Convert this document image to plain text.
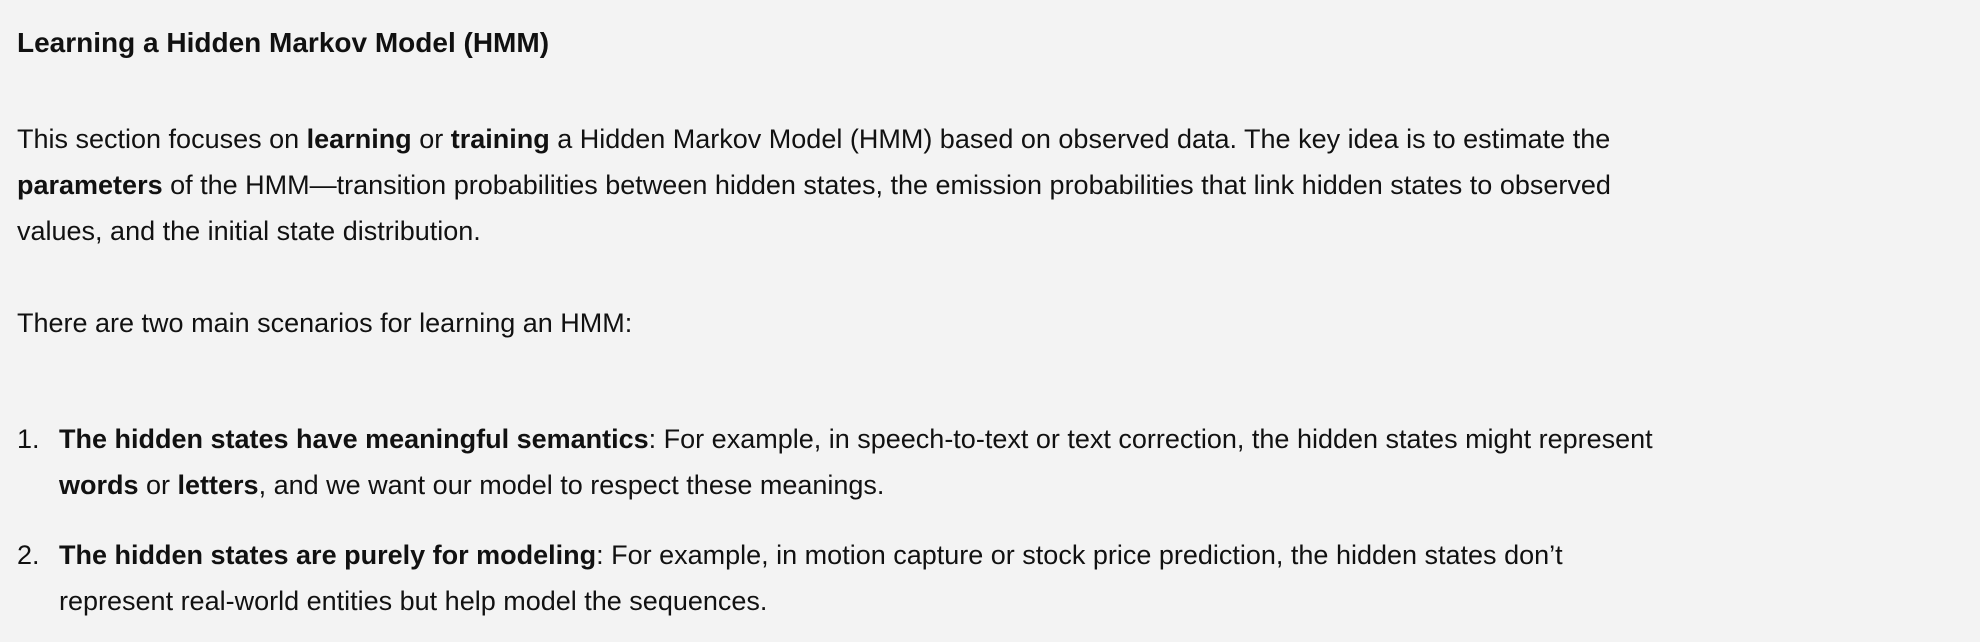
Learning a Hidden Markov Model (HMM)

This section focuses on learning or training a Hidden Markov Model (HMM) based on observed data. The key idea is to estimate the
parameters of the HMM—transition probabilities between hidden states, the emission probabilities that link hidden states to observed
values, and the initial state distribution.

There are two main scenarios for learning an HMM:

1. The hidden states have meaningful semantics: For example, in speech-to-text or text correction, the hidden states might represent
words or letters, and we want our model to respect these meanings.
2. The hidden states are purely for modeling: For example, in motion capture or stock price prediction, the hidden states don’t
represent real-world entities but help model the sequences.
